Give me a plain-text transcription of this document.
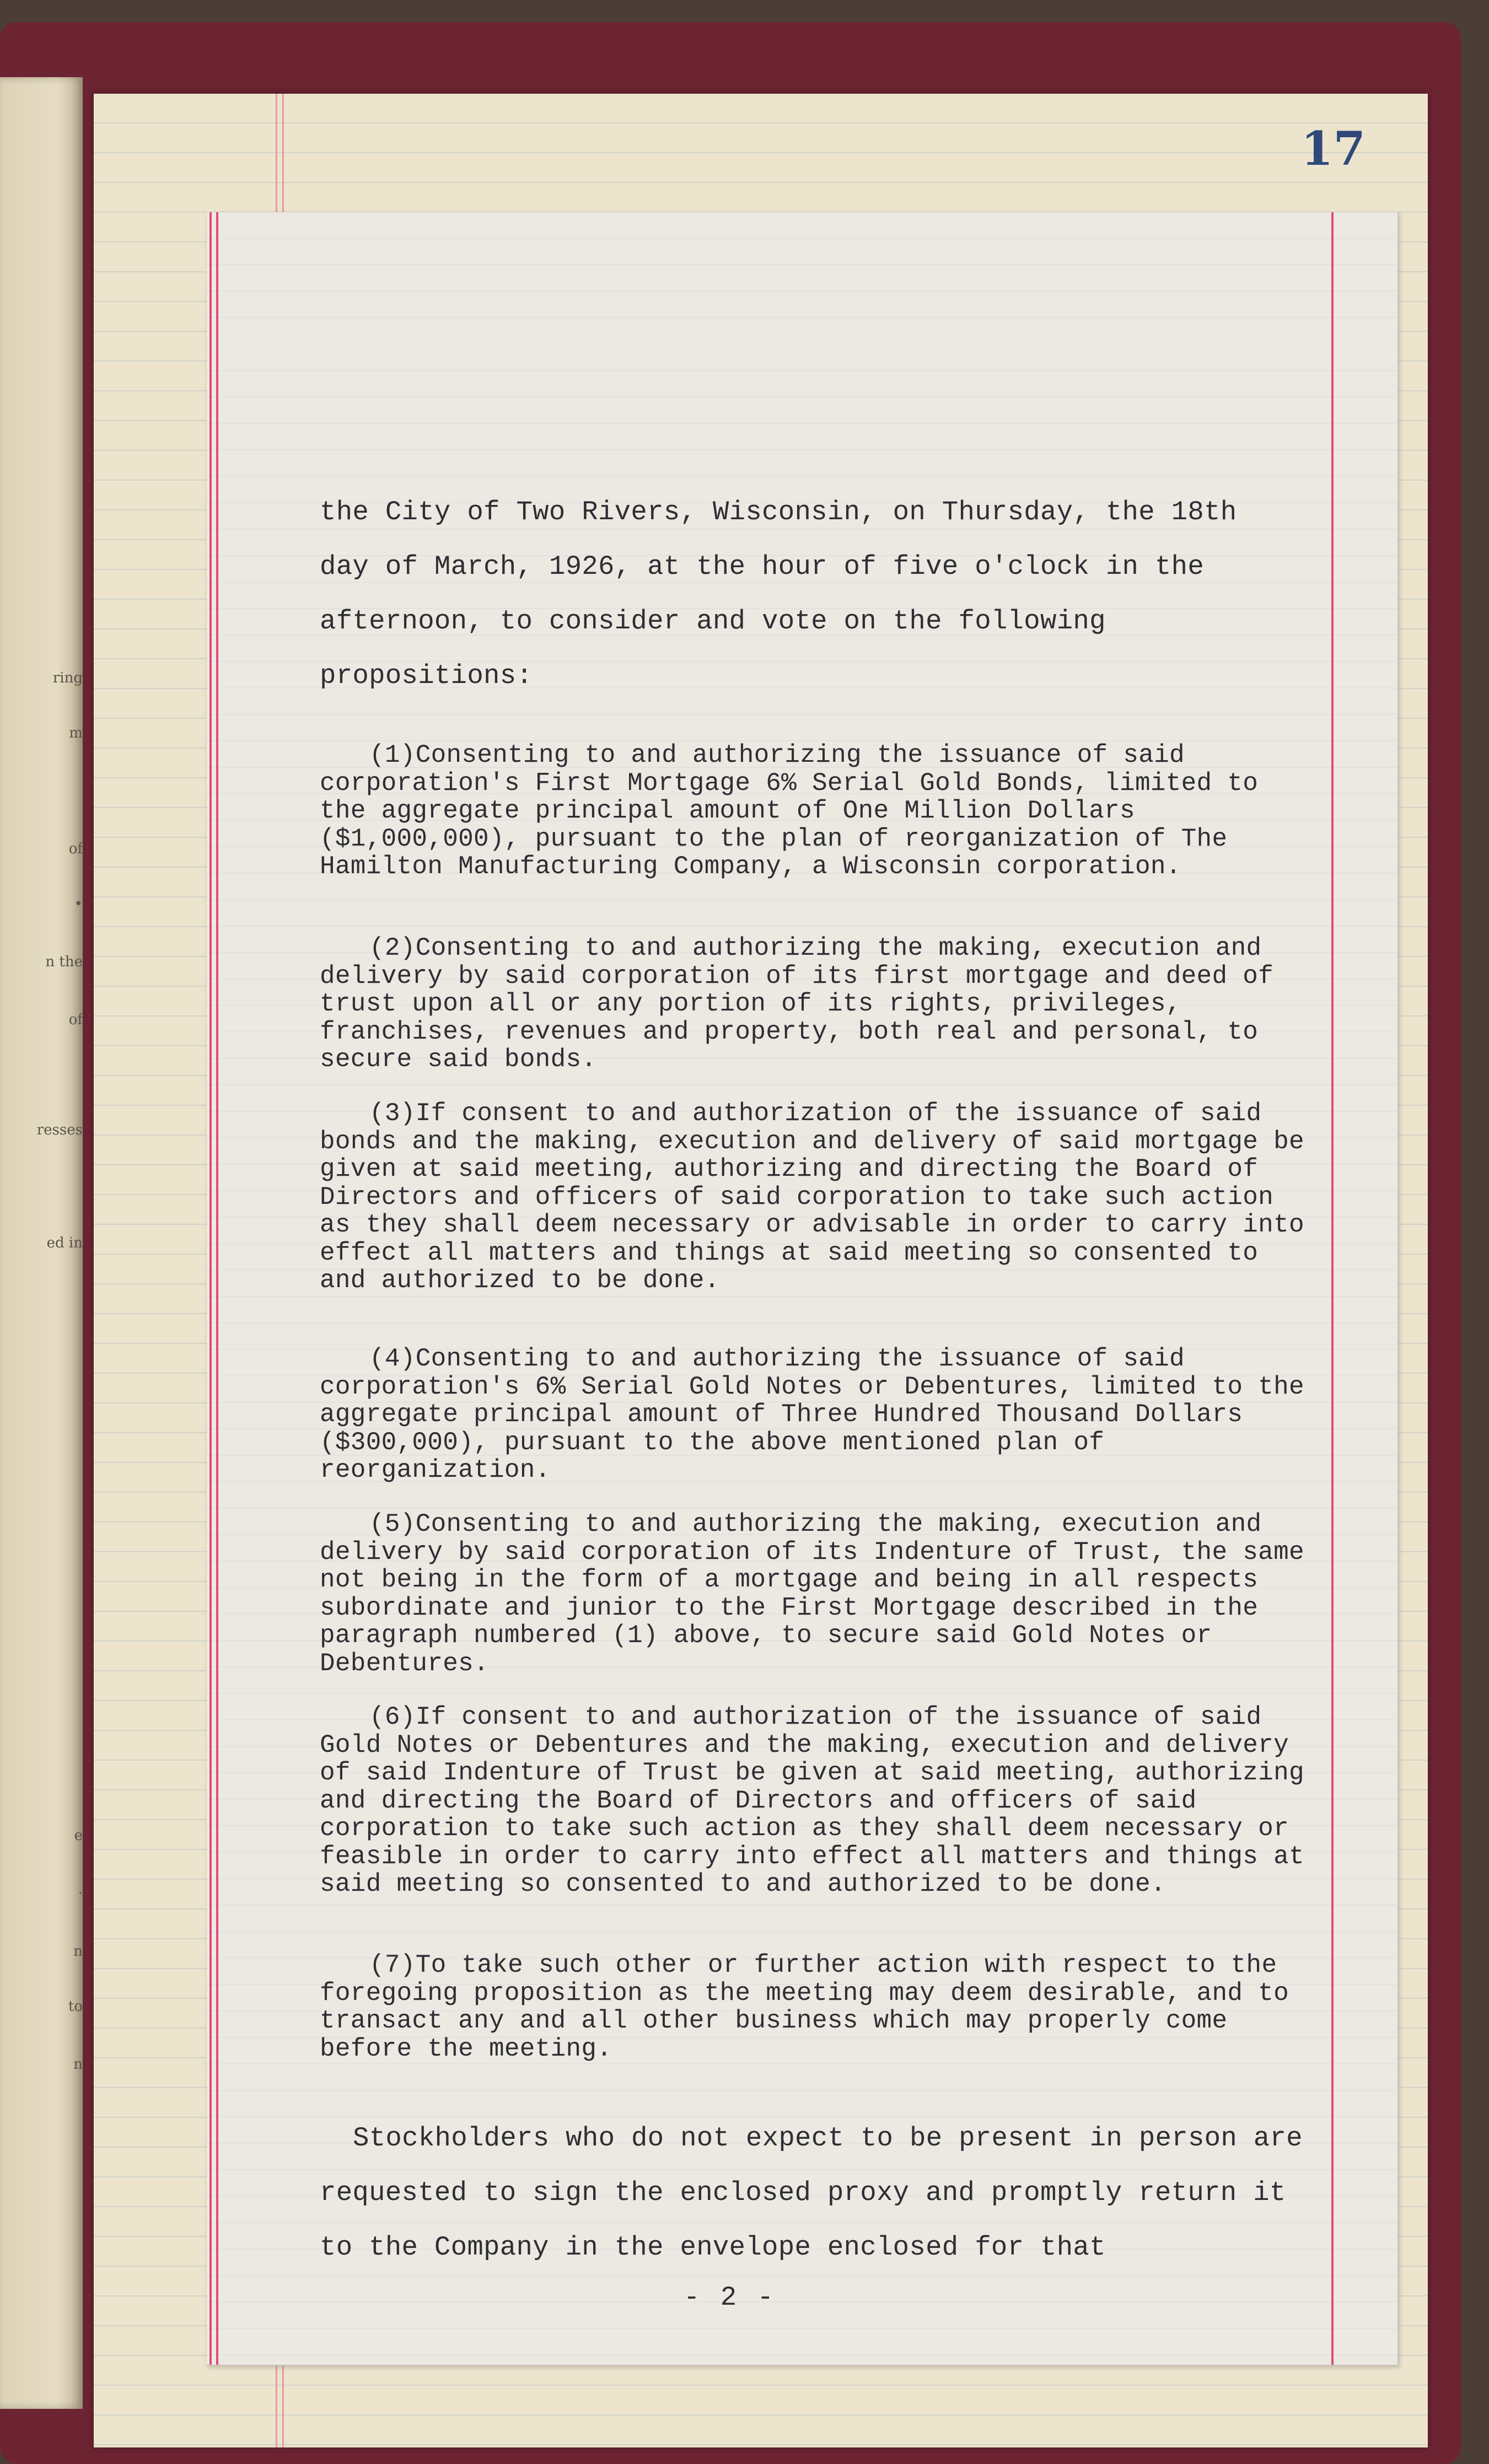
ring
m
of
•
n the
of
resses
ed in
e
·
n
to
n
17

the City of Two Rivers, Wisconsin, on Thursday, the 18th day of March, 1926, at the hour of five o'clock in the afternoon, to consider and vote on the following propositions:

(1)Consenting to and authorizing the issuance of said corporation's First Mortgage 6% Serial Gold Bonds, limited to the aggregate principal amount of One Million Dollars ($1,000,000), pursuant to the plan of reorganization of The Hamilton Manufacturing Company, a Wisconsin corporation.

(2)Consenting to and authorizing the making, execution and delivery by said corporation of its first mortgage and deed of trust upon all or any portion of its rights, privileges, franchises, revenues and property, both real and personal, to secure said bonds.

(3)If consent to and authorization of the issuance of said bonds and the making, execution and delivery of said mortgage be given at said meeting, authorizing and directing the Board of Directors and officers of said corporation to take such action as they shall deem necessary or advisable in order to carry into effect all matters and things at said meeting so consented to and authorized to be done.

(4)Consenting to and authorizing the issuance of said corporation's 6% Serial Gold Notes or Debentures, limited to the aggregate principal amount of Three Hundred Thousand Dollars ($300,000), pursuant to the above mentioned plan of reorganization.

(5)Consenting to and authorizing the making, execution and delivery by said corporation of its Indenture of Trust, the same not being in the form of a mortgage and being in all respects subordinate and junior to the First Mortgage described in the paragraph numbered (1) above, to secure said Gold Notes or Debentures.

(6)If consent to and authorization of the issuance of said Gold Notes or Debentures and the making, execution and delivery of said Indenture of Trust be given at said meeting, authorizing and directing the Board of Directors and officers of said corporation to take such action as they shall deem necessary or feasible in order to carry into effect all matters and things at said meeting so consented to and authorized to be done.

(7)To take such other or further action with respect to the foregoing proposition as the meeting may deem desirable, and to transact any and all other business which may properly come before the meeting.

Stockholders who do not expect to be present in person are requested to sign the enclosed proxy and promptly return it to the Company in the envelope enclosed for that

- 2 -
